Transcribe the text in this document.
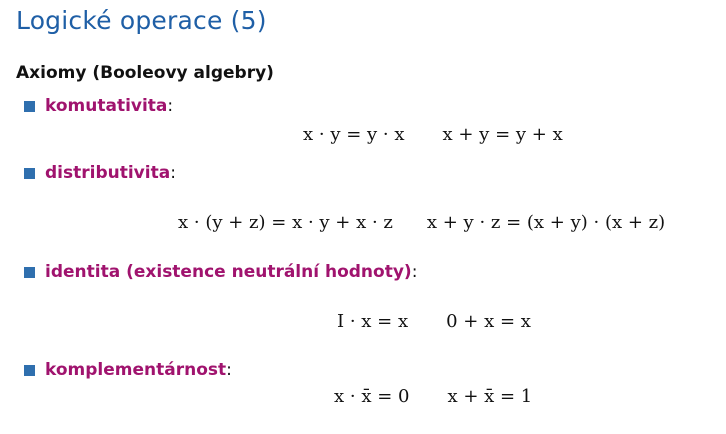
Logické operace (5)
Axiomy (Booleovy algebry)
komutativita :
x · y = y · x x + y = y + x
distributivita :
x · (y + z) = x · y + x · z x + y · z = (x + y) · (x + z)
identita (existence neutrální hodnoty) :
I · x = x 0 + x = x
komplementárnost :
x · x̄ = 0 x + x̄ = 1
